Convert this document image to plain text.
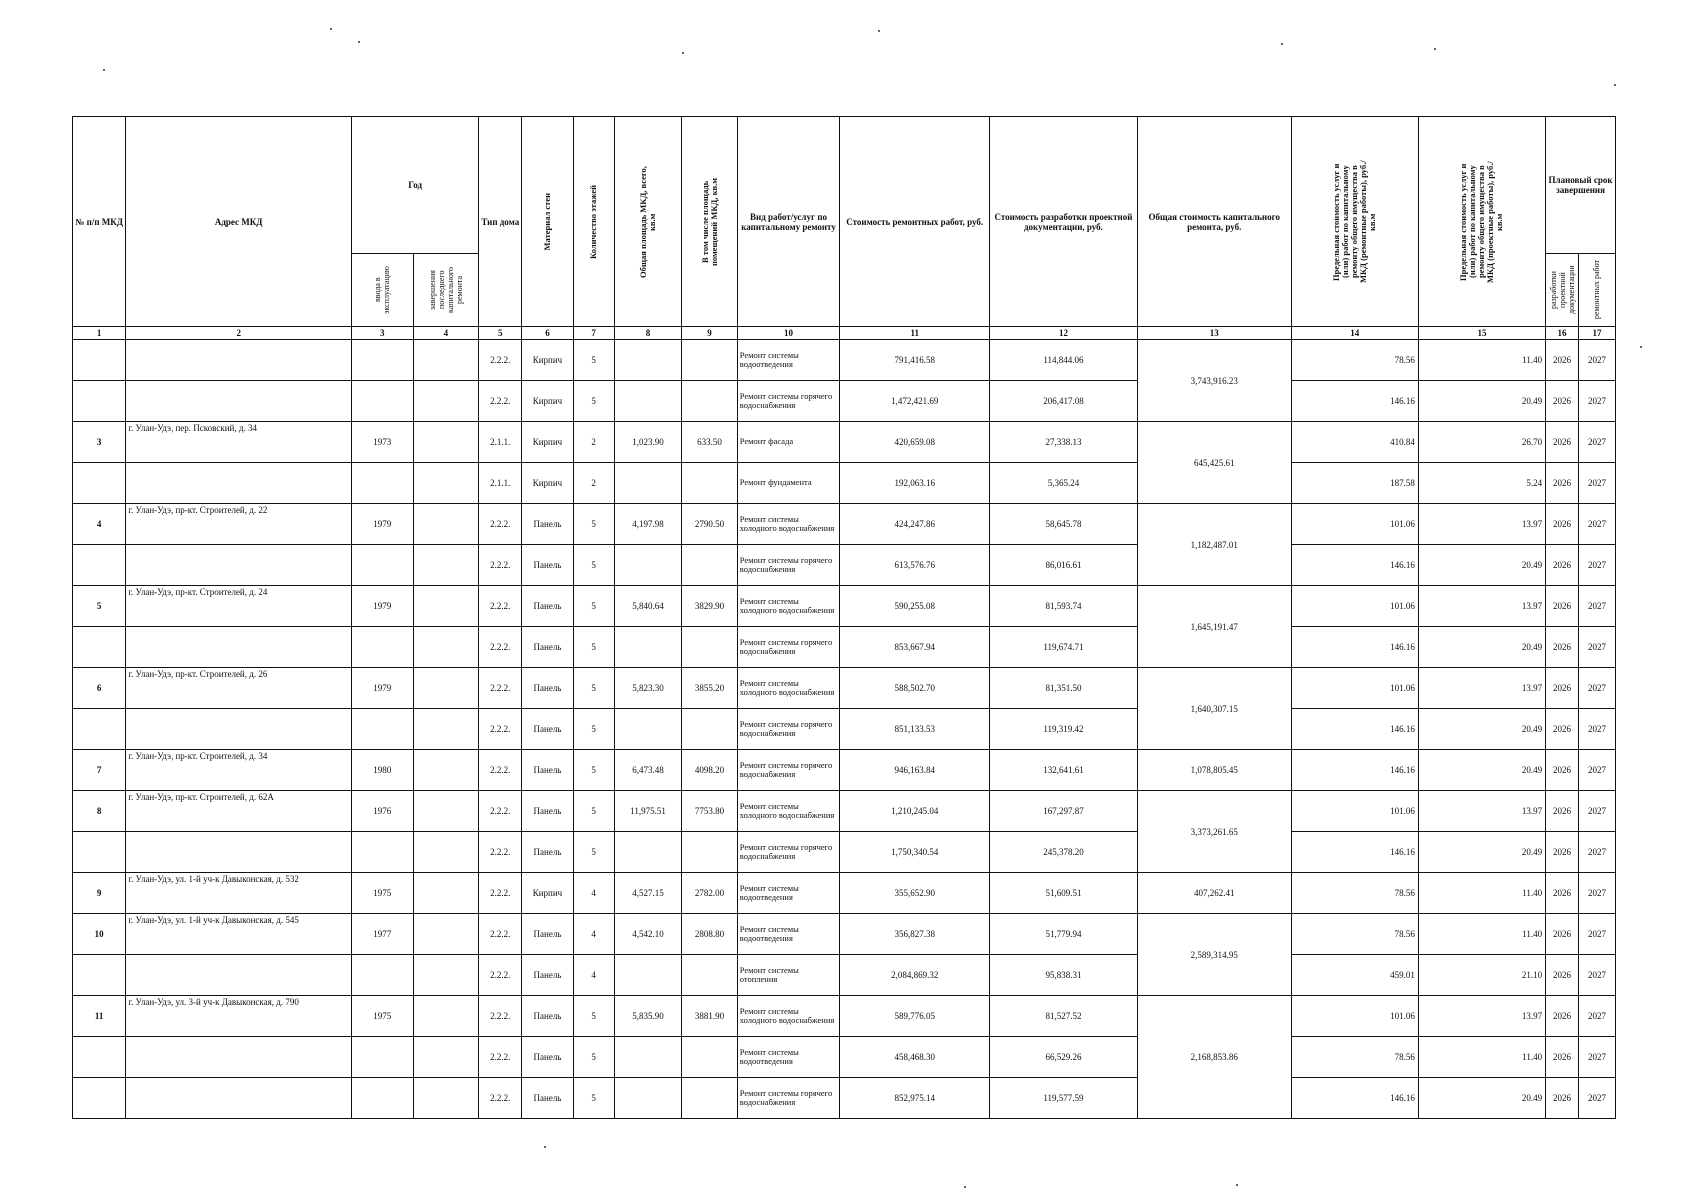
№ п/п МКД	Адрес МКД	Год		Тип дома	Материал стен	Количество этажей	Общая площадь МКД, всего, кв.м	В том числе площадь помещений МКД, кв.м	Вид работ/услуг по капитальному ремонту	Стоимость ремонтных работ, руб.	Стоимость разработки проектной документации, руб.	Общая стоимость капитального ремонта, руб.	Предельная стоимость услуг и (или) работ по капитальному ремонту общего имущества в МКД (ремонтные работы), руб./кв.м	Предельная стоимость услуг и (или) работ по капитальному ремонту общего имущества в МКД (проектные работы), руб./кв.м	Плановый срок завершения	

		ввода в эксплуатацию	завершения последнего капитального ремонта												разработки проектной документации	ремонтных работ

1	2	3	4	5	6	7	8	9	10	11	12	13	14	15	16	17
				2.2.2.	Кирпич	5			Ремонт системы водоотведения	791,416.58	114,844.06	3,743,916.23	78.56	11.40	2026	2027
				2.2.2.	Кирпич	5			Ремонт системы горячего водоснабжения	1,472,421.69	206,417.08		146.16	20.49	2026	2027
3	г. Улан-Удэ, пер. Псковский, д. 34	1973		2.1.1.	Кирпич	2	1,023.90	633.50	Ремонт фасада	420,659.08	27,338.13	645,425.61	410.84	26.70	2026	2027
				2.1.1.	Кирпич	2			Ремонт фундамента	192,063.16	5,365.24		187.58	5.24	2026	2027
4	г. Улан-Удэ, пр-кт. Строителей, д. 22	1979		2.2.2.	Панель	5	4,197.98	2790.50	Ремонт системы холодного водоснабжения	424,247.86	58,645.78	1,182,487.01	101.06	13.97	2026	2027
				2.2.2.	Панель	5			Ремонт системы горячего водоснабжения	613,576.76	86,016.61		146.16	20.49	2026	2027
5	г. Улан-Удэ, пр-кт. Строителей, д. 24	1979		2.2.2.	Панель	5	5,840.64	3829.90	Ремонт системы холодного водоснабжения	590,255.08	81,593.74	1,645,191.47	101.06	13.97	2026	2027
				2.2.2.	Панель	5			Ремонт системы горячего водоснабжения	853,667.94	119,674.71		146.16	20.49	2026	2027
6	г. Улан-Удэ, пр-кт. Строителей, д. 26	1979		2.2.2.	Панель	5	5,823.30	3855.20	Ремонт системы холодного водоснабжения	588,502.70	81,351.50	1,640,307.15	101.06	13.97	2026	2027
				2.2.2.	Панель	5			Ремонт системы горячего водоснабжения	851,133.53	119,319.42		146.16	20.49	2026	2027
7	г. Улан-Удэ, пр-кт. Строителей, д. 34	1980		2.2.2.	Панель	5	6,473.48	4098.20	Ремонт системы горячего водоснабжения	946,163.84	132,641.61	1,078,805.45	146.16	20.49	2026	2027
8	г. Улан-Удэ, пр-кт. Строителей, д. 62А	1976		2.2.2.	Панель	5	11,975.51	7753.80	Ремонт системы холодного водоснабжения	1,210,245.04	167,297.87	3,373,261.65	101.06	13.97	2026	2027
				2.2.2.	Панель	5			Ремонт системы горячего водоснабжения	1,750,340.54	245,378.20		146.16	20.49	2026	2027
9	г. Улан-Удэ, ул. 1-й уч-к Давыконская, д. 532	1975		2.2.2.	Кирпич	4	4,527.15	2782.00	Ремонт системы водоотведения	355,652.90	51,609.51	407,262.41	78.56	11.40	2026	2027
10	г. Улан-Удэ, ул. 1-й уч-к Давыконская, д. 545	1977		2.2.2.	Панель	4	4,542.10	2808.80	Ремонт системы водоотведения	356,827.38	51,779.94	2,589,314.95	78.56	11.40	2026	2027
				2.2.2.	Панель	4			Ремонт системы отопления	2,084,869.32	95,838.31		459.01	21.10	2026	2027
11	г. Улан-Удэ, ул. 3-й уч-к Давыконская, д. 790	1975		2.2.2.	Панель	5	5,835.90	3881.90	Ремонт системы холодного водоснабжения	589,776.05	81,527.52	2,168,853.86	101.06	13.97	2026	2027
				2.2.2.	Панель	5			Ремонт системы водоотведения	458,468.30	66,529.26		78.56	11.40	2026	2027
				2.2.2.	Панель	5			Ремонт системы горячего водоснабжения	852,975.14	119,577.59		146.16	20.49	2026	2027
